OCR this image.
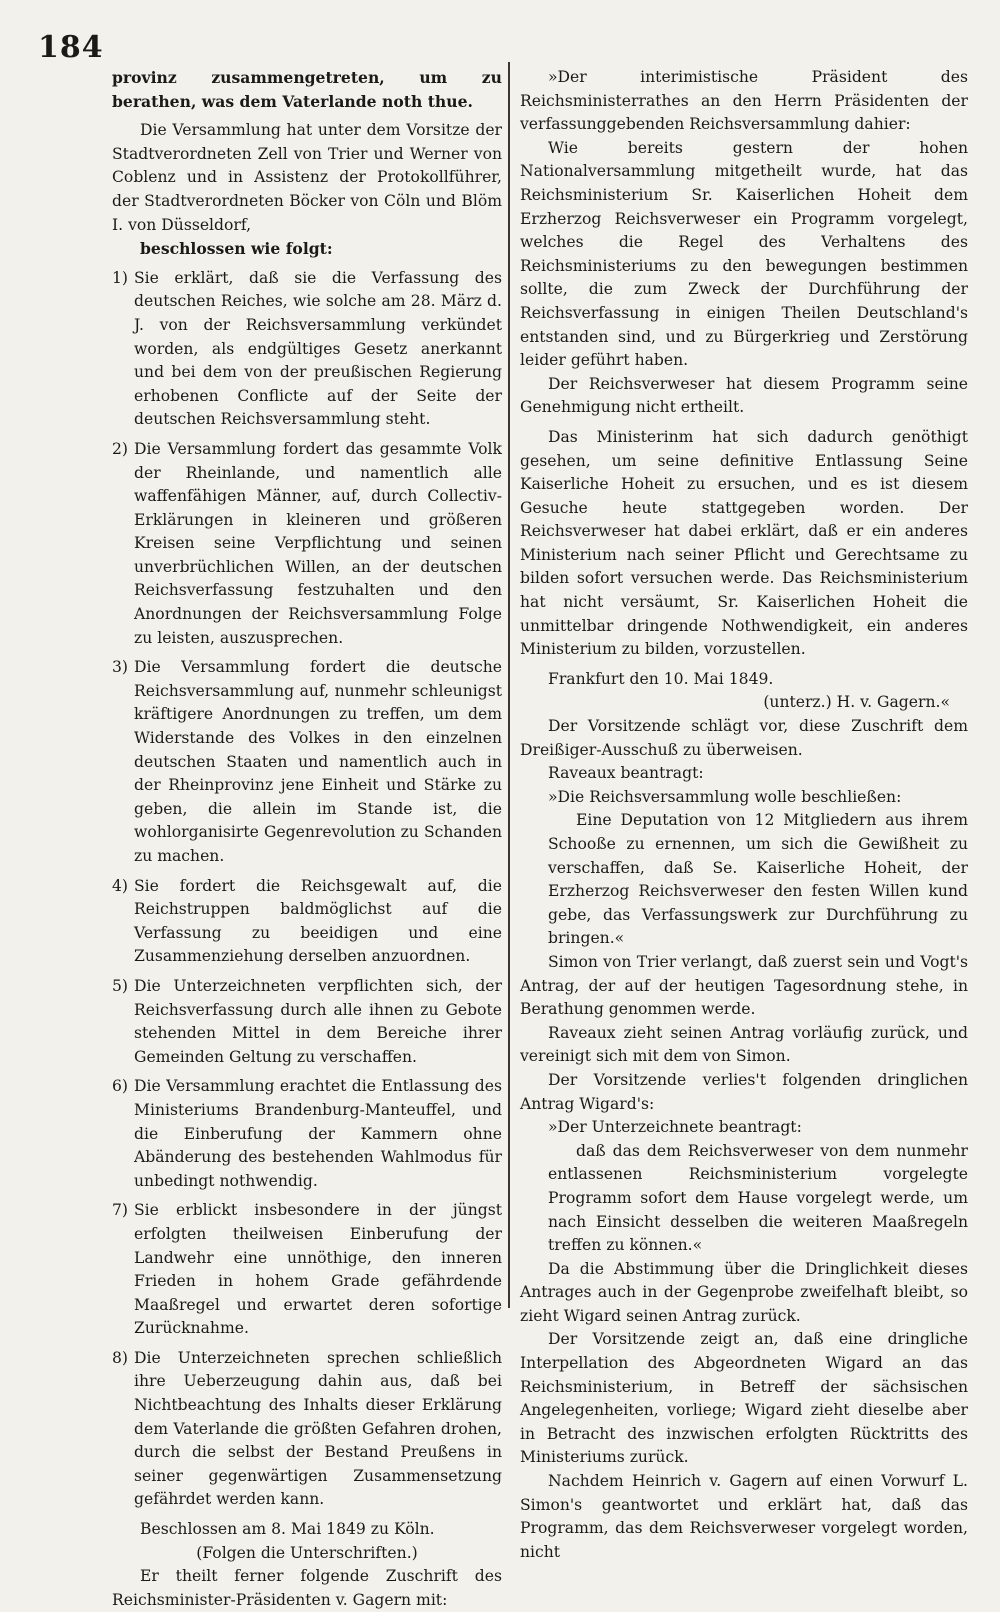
184

provinz zusammengetreten, um zu berathen, was dem Vaterlande noth thue.

Die Versammlung hat unter dem Vorsitze der Stadtverordneten Zell von Trier und Werner von Coblenz und in Assistenz der Protokollführer, der Stadtverordneten Böcker von Cöln und Blöm I. von Düsseldorf,

beschlossen wie folgt:

1) Sie erklärt, daß sie die Verfassung des deutschen Reiches, wie solche am 28. März d. J. von der Reichsversammlung verkündet worden, als endgültiges Gesetz anerkannt und bei dem von der preußischen Regierung erhobenen Conflicte auf der Seite der deutschen Reichsversammlung steht.
2) Die Versammlung fordert das gesammte Volk der Rheinlande, und namentlich alle waffenfähigen Männer, auf, durch Collectiv-Erklärungen in kleineren und größeren Kreisen seine Verpflichtung und seinen unverbrüchlichen Willen, an der deutschen Reichsverfassung festzuhalten und den Anordnungen der Reichsversammlung Folge zu leisten, auszusprechen.
3) Die Versammlung fordert die deutsche Reichsversammlung auf, nunmehr schleunigst kräftigere Anordnungen zu treffen, um dem Widerstande des Volkes in den einzelnen deutschen Staaten und namentlich auch in der Rheinprovinz jene Einheit und Stärke zu geben, die allein im Stande ist, die wohlorganisirte Gegenrevolution zu Schanden zu machen.
4) Sie fordert die Reichsgewalt auf, die Reichstruppen baldmöglichst auf die Verfassung zu beeidigen und eine Zusammenziehung derselben anzuordnen.
5) Die Unterzeichneten verpflichten sich, der Reichsverfassung durch alle ihnen zu Gebote stehenden Mittel in dem Bereiche ihrer Gemeinden Geltung zu verschaffen.
6) Die Versammlung erachtet die Entlassung des Ministeriums Brandenburg-Manteuffel, und die Einberufung der Kammern ohne Abänderung des bestehenden Wahlmodus für unbedingt nothwendig.
7) Sie erblickt insbesondere in der jüngst erfolgten theilweisen Einberufung der Landwehr eine unnöthige, den inneren Frieden in hohem Grade gefährdende Maaßregel und erwartet deren sofortige Zurücknahme.
8) Die Unterzeichneten sprechen schließlich ihre Ueberzeugung dahin aus, daß bei Nichtbeachtung des Inhalts dieser Erklärung dem Vaterlande die größten Gefahren drohen, durch die selbst der Bestand Preußens in seiner gegenwärtigen Zusammensetzung gefährdet werden kann.

Beschlossen am 8. Mai 1849 zu Köln.

(Folgen die Unterschriften.)

Er theilt ferner folgende Zuschrift des Reichsminister-Präsidenten v. Gagern mit:

»Der interimistische Präsident des Reichsministerrathes an den Herrn Präsidenten der verfassunggebenden Reichsversammlung dahier:

Wie bereits gestern der hohen Nationalversammlung mitgetheilt wurde, hat das Reichsministerium Sr. Kaiserlichen Hoheit dem Erzherzog Reichsverweser ein Programm vorgelegt, welches die Regel des Verhaltens des Reichsministeriums zu den bewegungen bestimmen sollte, die zum Zweck der Durchführung der Reichsverfassung in einigen Theilen Deutschland's entstanden sind, und zu Bürgerkrieg und Zerstörung leider geführt haben.

Der Reichsverweser hat diesem Programm seine Genehmigung nicht ertheilt.

Das Ministerinm hat sich dadurch genöthigt gesehen, um seine definitive Entlassung Seine Kaiserliche Hoheit zu ersuchen, und es ist diesem Gesuche heute stattgegeben worden. Der Reichsverweser hat dabei erklärt, daß er ein anderes Ministerium nach seiner Pflicht und Gerechtsame zu bilden sofort versuchen werde. Das Reichsministerium hat nicht versäumt, Sr. Kaiserlichen Hoheit die unmittelbar dringende Nothwendigkeit, ein anderes Ministerium zu bilden, vorzustellen.

Frankfurt den 10. Mai 1849.

(unterz.) H. v. Gagern.«

Der Vorsitzende schlägt vor, diese Zuschrift dem Dreißiger-Ausschuß zu überweisen.

Raveaux beantragt:

»Die Reichsversammlung wolle beschließen:

Eine Deputation von 12 Mitgliedern aus ihrem Schooße zu ernennen, um sich die Gewißheit zu verschaffen, daß Se. Kaiserliche Hoheit, der Erzherzog Reichsverweser den festen Willen kund gebe, das Verfassungswerk zur Durchführung zu bringen.«

Simon von Trier verlangt, daß zuerst sein und Vogt's Antrag, der auf der heutigen Tagesordnung stehe, in Berathung genommen werde.

Raveaux zieht seinen Antrag vorläufig zurück, und vereinigt sich mit dem von Simon.

Der Vorsitzende verlies't folgenden dringlichen Antrag Wigard's:

»Der Unterzeichnete beantragt:

daß das dem Reichsverweser von dem nunmehr entlassenen Reichsministerium vorgelegte Programm sofort dem Hause vorgelegt werde, um nach Einsicht desselben die weiteren Maaßregeln treffen zu können.«

Da die Abstimmung über die Dringlichkeit dieses Antrages auch in der Gegenprobe zweifelhaft bleibt, so zieht Wigard seinen Antrag zurück.

Der Vorsitzende zeigt an, daß eine dringliche Interpellation des Abgeordneten Wigard an das Reichsministerium, in Betreff der sächsischen Angelegenheiten, vorliege; Wigard zieht dieselbe aber in Betracht des inzwischen erfolgten Rücktritts des Ministeriums zurück.

Nachdem Heinrich v. Gagern auf einen Vorwurf L. Simon's geantwortet und erklärt hat, daß das Programm, das dem Reichsverweser vorgelegt worden, nicht
